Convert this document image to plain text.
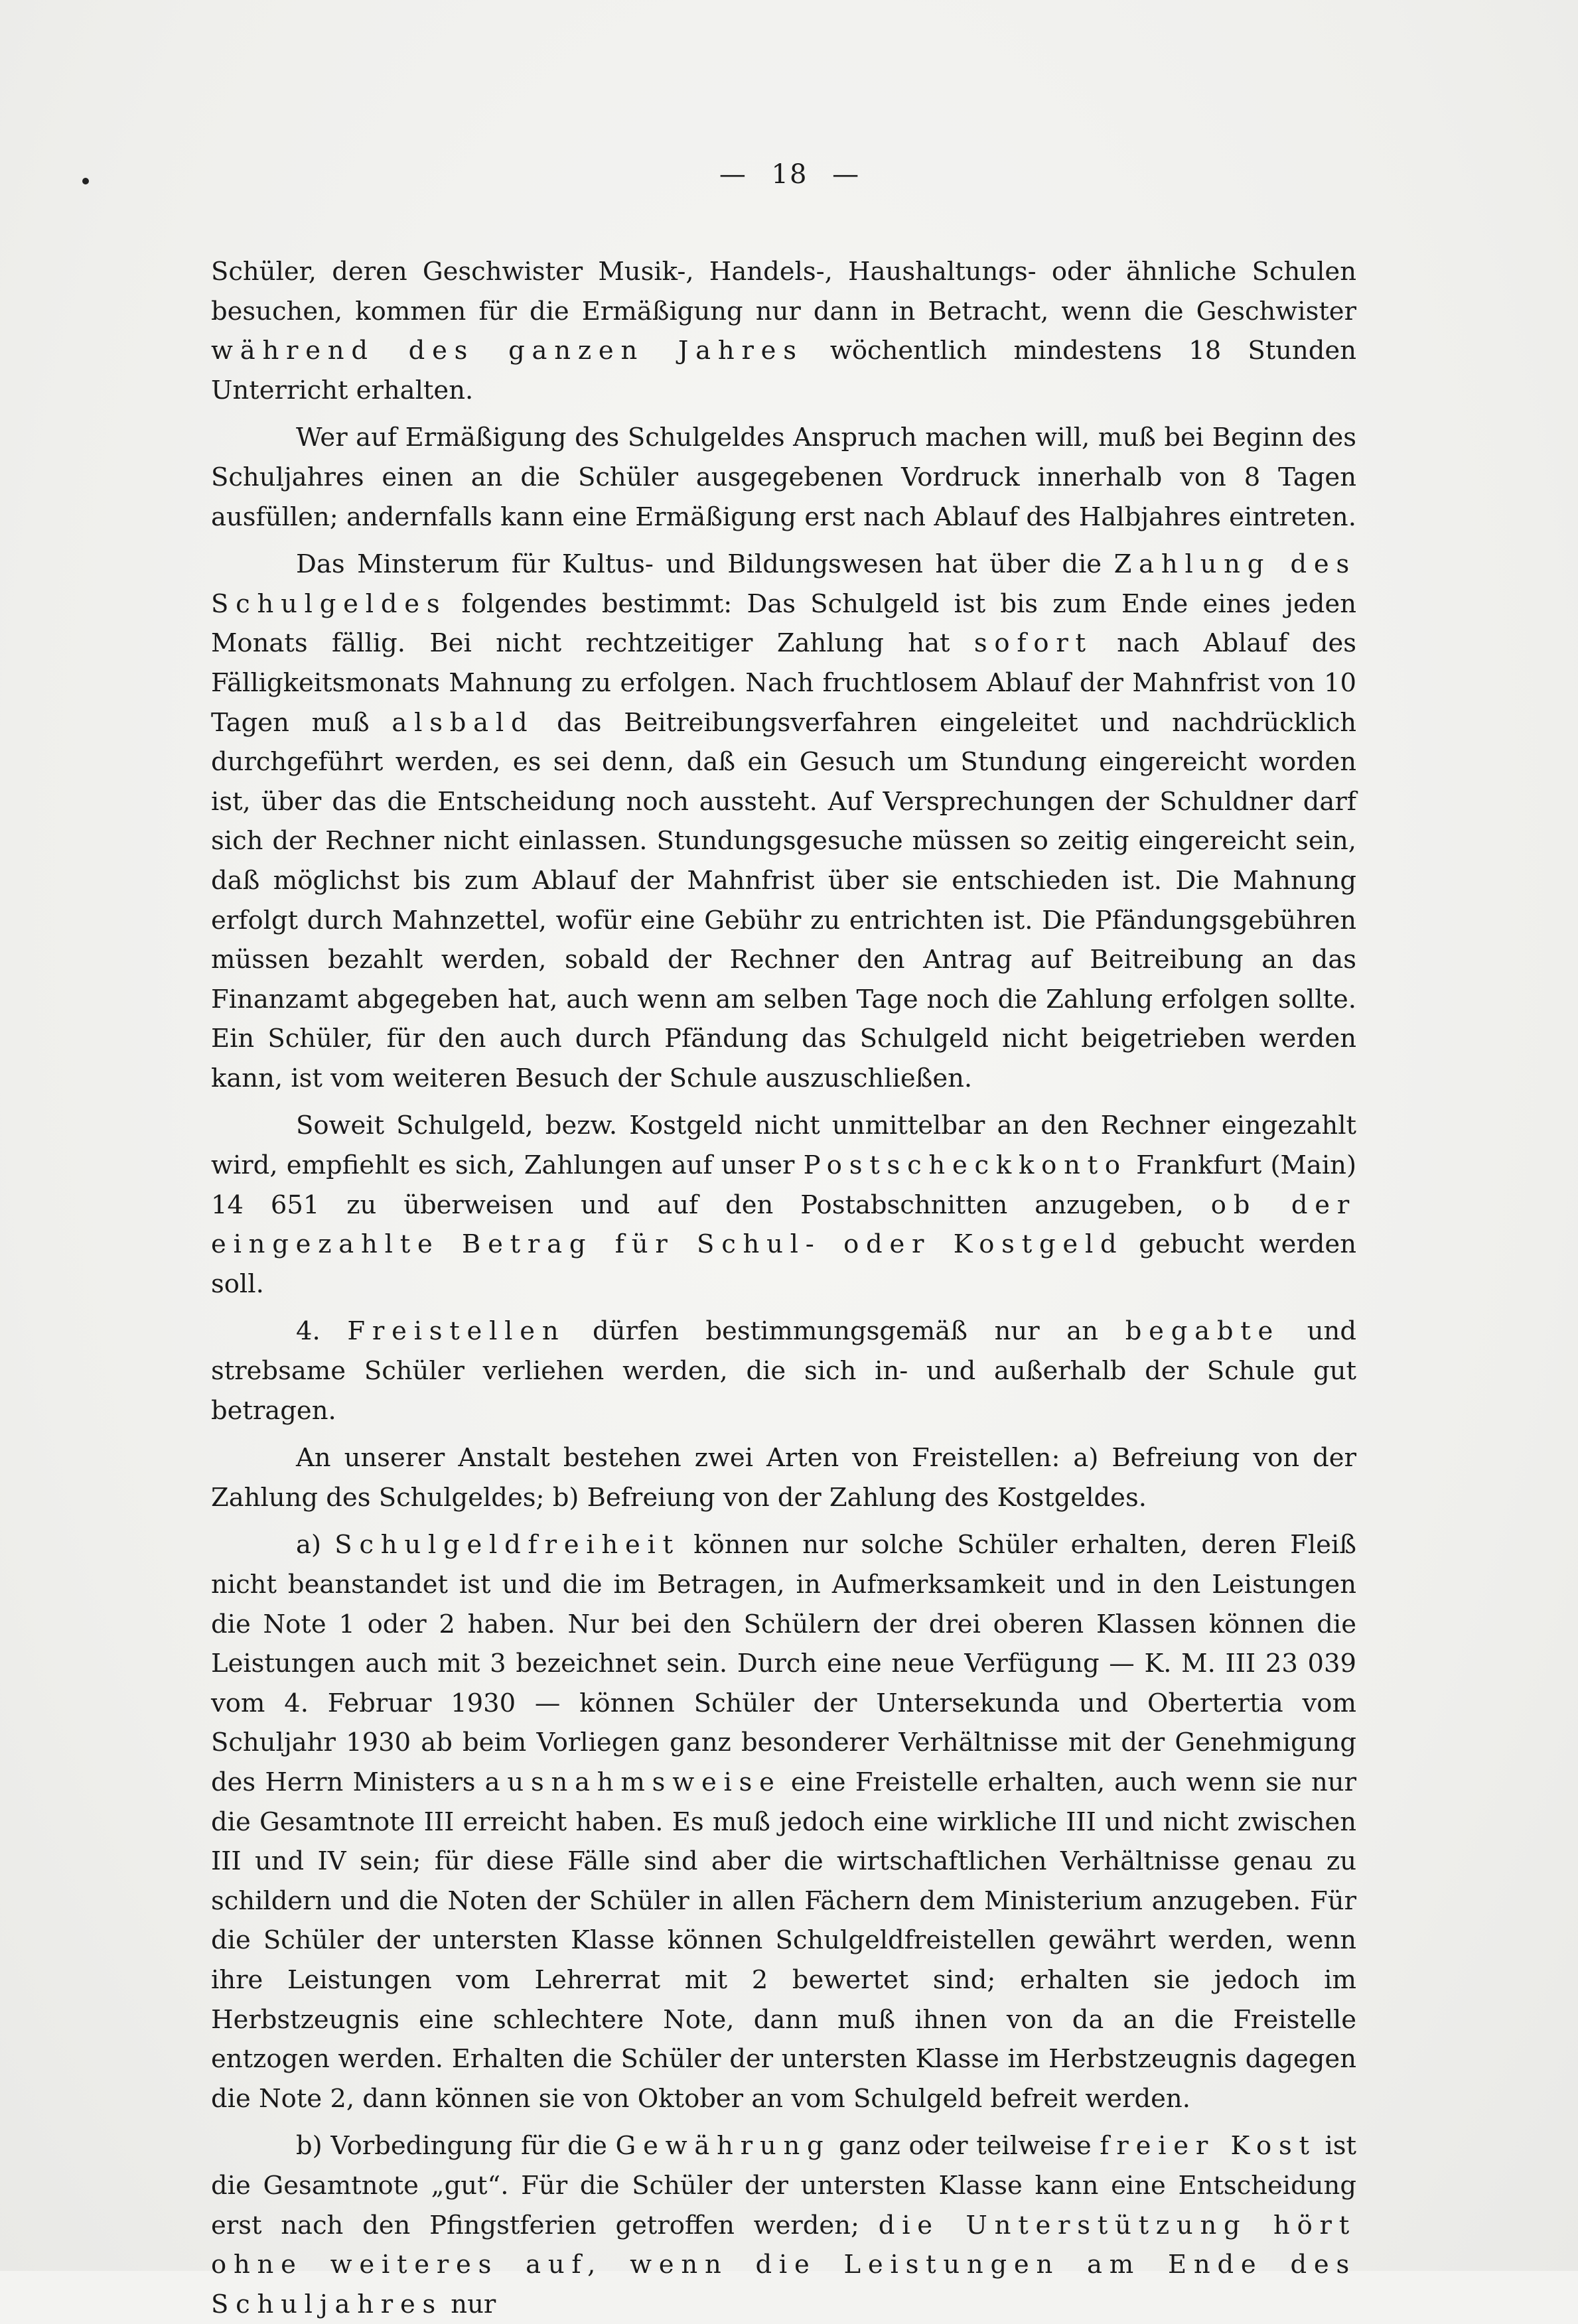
— 18 —

Schüler, deren Geschwister Musik-, Handels-, Haushaltungs- oder ähnliche Schulen besuchen, kommen für die Ermäßigung nur dann in Betracht, wenn die Geschwister während des ganzen Jahres wöchentlich mindestens 18 Stunden Unterricht erhalten.

Wer auf Ermäßigung des Schulgeldes Anspruch machen will, muß bei Beginn des Schuljahres einen an die Schüler ausgegebenen Vordruck innerhalb von 8 Tagen ausfüllen; andernfalls kann eine Ermäßigung erst nach Ablauf des Halbjahres eintreten.

Das Minsterum für Kultus- und Bildungswesen hat über die Zahlung des Schulgeldes folgendes bestimmt: Das Schulgeld ist bis zum Ende eines jeden Monats fällig. Bei nicht rechtzeitiger Zahlung hat sofort nach Ablauf des Fälligkeitsmonats Mahnung zu erfolgen. Nach fruchtlosem Ablauf der Mahnfrist von 10 Tagen muß alsbald das Beitreibungsverfahren eingeleitet und nachdrücklich durchgeführt werden, es sei denn, daß ein Gesuch um Stundung eingereicht worden ist, über das die Entscheidung noch aussteht. Auf Versprechungen der Schuldner darf sich der Rechner nicht einlassen. Stundungsgesuche müssen so zeitig eingereicht sein, daß möglichst bis zum Ablauf der Mahnfrist über sie entschieden ist. Die Mahnung erfolgt durch Mahnzettel, wofür eine Gebühr zu entrichten ist. Die Pfändungsgebühren müssen bezahlt werden, sobald der Rechner den Antrag auf Beitreibung an das Finanzamt abgegeben hat, auch wenn am selben Tage noch die Zahlung erfolgen sollte. Ein Schüler, für den auch durch Pfändung das Schulgeld nicht beigetrieben werden kann, ist vom weiteren Besuch der Schule auszuschließen.

Soweit Schulgeld, bezw. Kostgeld nicht unmittelbar an den Rechner eingezahlt wird, empfiehlt es sich, Zahlungen auf unser Postscheckkonto Frankfurt (Main) 14 651 zu überweisen und auf den Postabschnitten anzugeben, ob der eingezahlte Betrag für Schul- oder Kostgeld gebucht werden soll.

4. Freistellen dürfen bestimmungsgemäß nur an begabte und strebsame Schüler verliehen werden, die sich in- und außerhalb der Schule gut betragen.

An unserer Anstalt bestehen zwei Arten von Freistellen: a) Befreiung von der Zahlung des Schulgeldes; b) Befreiung von der Zahlung des Kostgeldes.

a) Schulgeldfreiheit können nur solche Schüler erhalten, deren Fleiß nicht beanstandet ist und die im Betragen, in Aufmerksamkeit und in den Leistungen die Note 1 oder 2 haben. Nur bei den Schülern der drei oberen Klassen können die Leistungen auch mit 3 bezeichnet sein. Durch eine neue Verfügung — K. M. III 23 039 vom 4. Februar 1930 — können Schüler der Untersekunda und Obertertia vom Schuljahr 1930 ab beim Vorliegen ganz besonderer Verhältnisse mit der Genehmigung des Herrn Ministers ausnahmsweise eine Freistelle erhalten, auch wenn sie nur die Gesamtnote III erreicht haben. Es muß jedoch eine wirkliche III und nicht zwischen III und IV sein; für diese Fälle sind aber die wirtschaftlichen Verhältnisse genau zu schildern und die Noten der Schüler in allen Fächern dem Ministerium anzugeben. Für die Schüler der untersten Klasse können Schulgeldfreistellen gewährt werden, wenn ihre Leistungen vom Lehrerrat mit 2 bewertet sind; erhalten sie jedoch im Herbstzeugnis eine schlechtere Note, dann muß ihnen von da an die Freistelle entzogen werden. Erhalten die Schüler der untersten Klasse im Herbstzeugnis dagegen die Note 2, dann können sie von Oktober an vom Schulgeld befreit werden.

b) Vorbedingung für die Gewährung ganz oder teilweise freier Kost ist die Gesamtnote „gut“. Für die Schüler der untersten Klasse kann eine Entscheidung erst nach den Pfingstferien getroffen werden; die Unterstützung hört ohne weiteres auf, wenn die Leistungen am Ende des Schuljahres nur
